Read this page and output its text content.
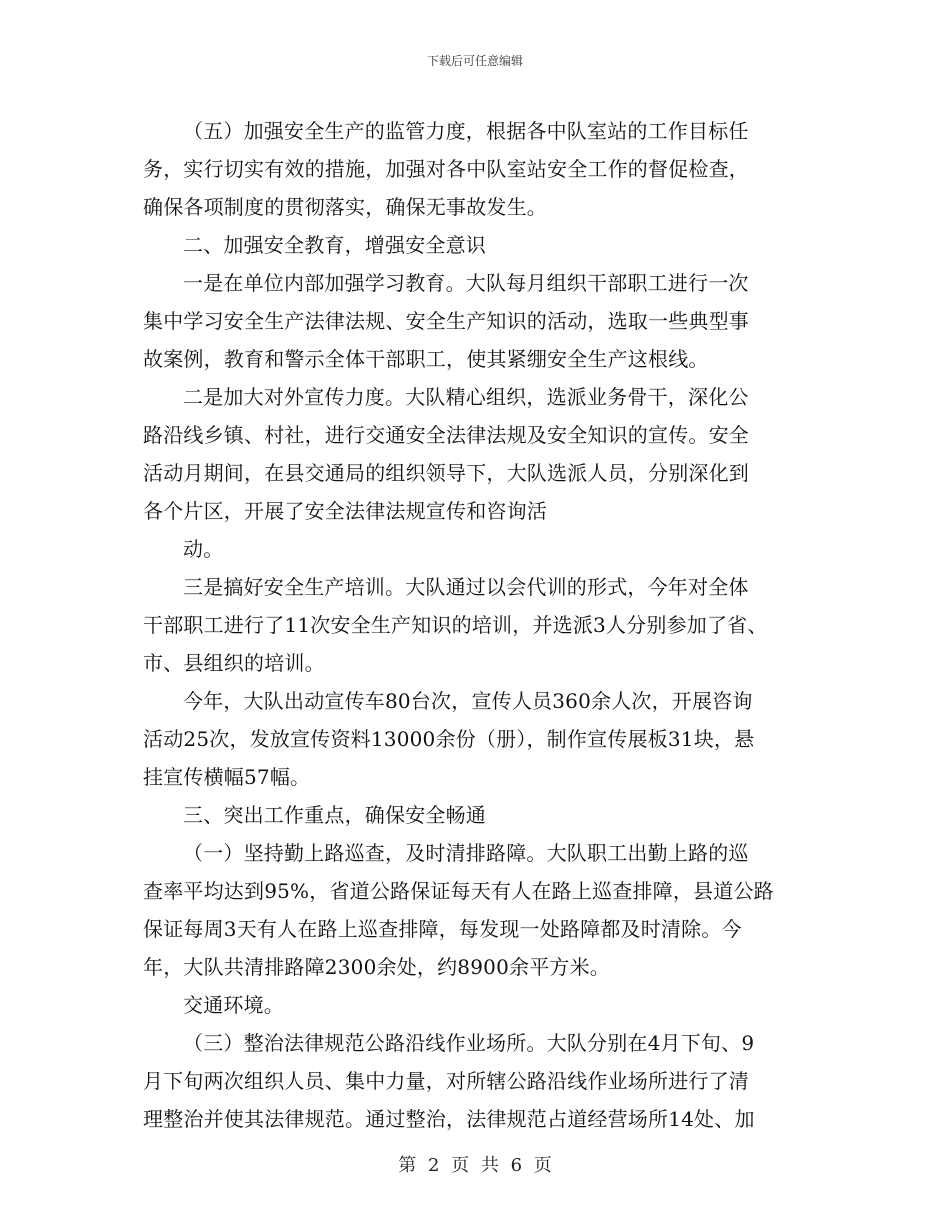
下载后可任意编辑
（五）加强安全生产的监管力度，根据各中队室站的工作目标任
务，实行切实有效的措施，加强对各中队室站安全工作的督促检查，
确保各项制度的贯彻落实，确保无事故发生。
二、加强安全教育，增强安全意识
一是在单位内部加强学习教育。大队每月组织干部职工进行一次
集中学习安全生产法律法规、安全生产知识的活动，选取一些典型事
故案例，教育和警示全体干部职工，使其紧绷安全生产这根线。
二是加大对外宣传力度。大队精心组织，选派业务骨干，深化公
路沿线乡镇、村社，进行交通安全法律法规及安全知识的宣传。安全
活动月期间，在县交通局的组织领导下，大队选派人员，分别深化到
各个片区，开展了安全法律法规宣传和咨询活
动。
三是搞好安全生产培训。大队通过以会代训的形式，今年对全体
干部职工进行了11次安全生产知识的培训，并选派3人分别参加了省、
市、县组织的培训。
今年，大队出动宣传车80台次，宣传人员360余人次，开展咨询
活动25次，发放宣传资料13000余份（册），制作宣传展板31块，悬
挂宣传横幅57幅。
三、突出工作重点，确保安全畅通
（一）坚持勤上路巡查，及时清排路障。大队职工出勤上路的巡
查率平均达到95%，省道公路保证每天有人在路上巡查排障，县道公路
保证每周3天有人在路上巡查排障，每发现一处路障都及时清除。今
年，大队共清排路障2300余处，约8900余平方米。
交通环境。
（三）整治法律规范公路沿线作业场所。大队分别在4月下旬、9
月下旬两次组织人员、集中力量，对所辖公路沿线作业场所进行了清
理整治并使其法律规范。通过整治，法律规范占道经营场所14处、加
第 2 页 共 6 页
